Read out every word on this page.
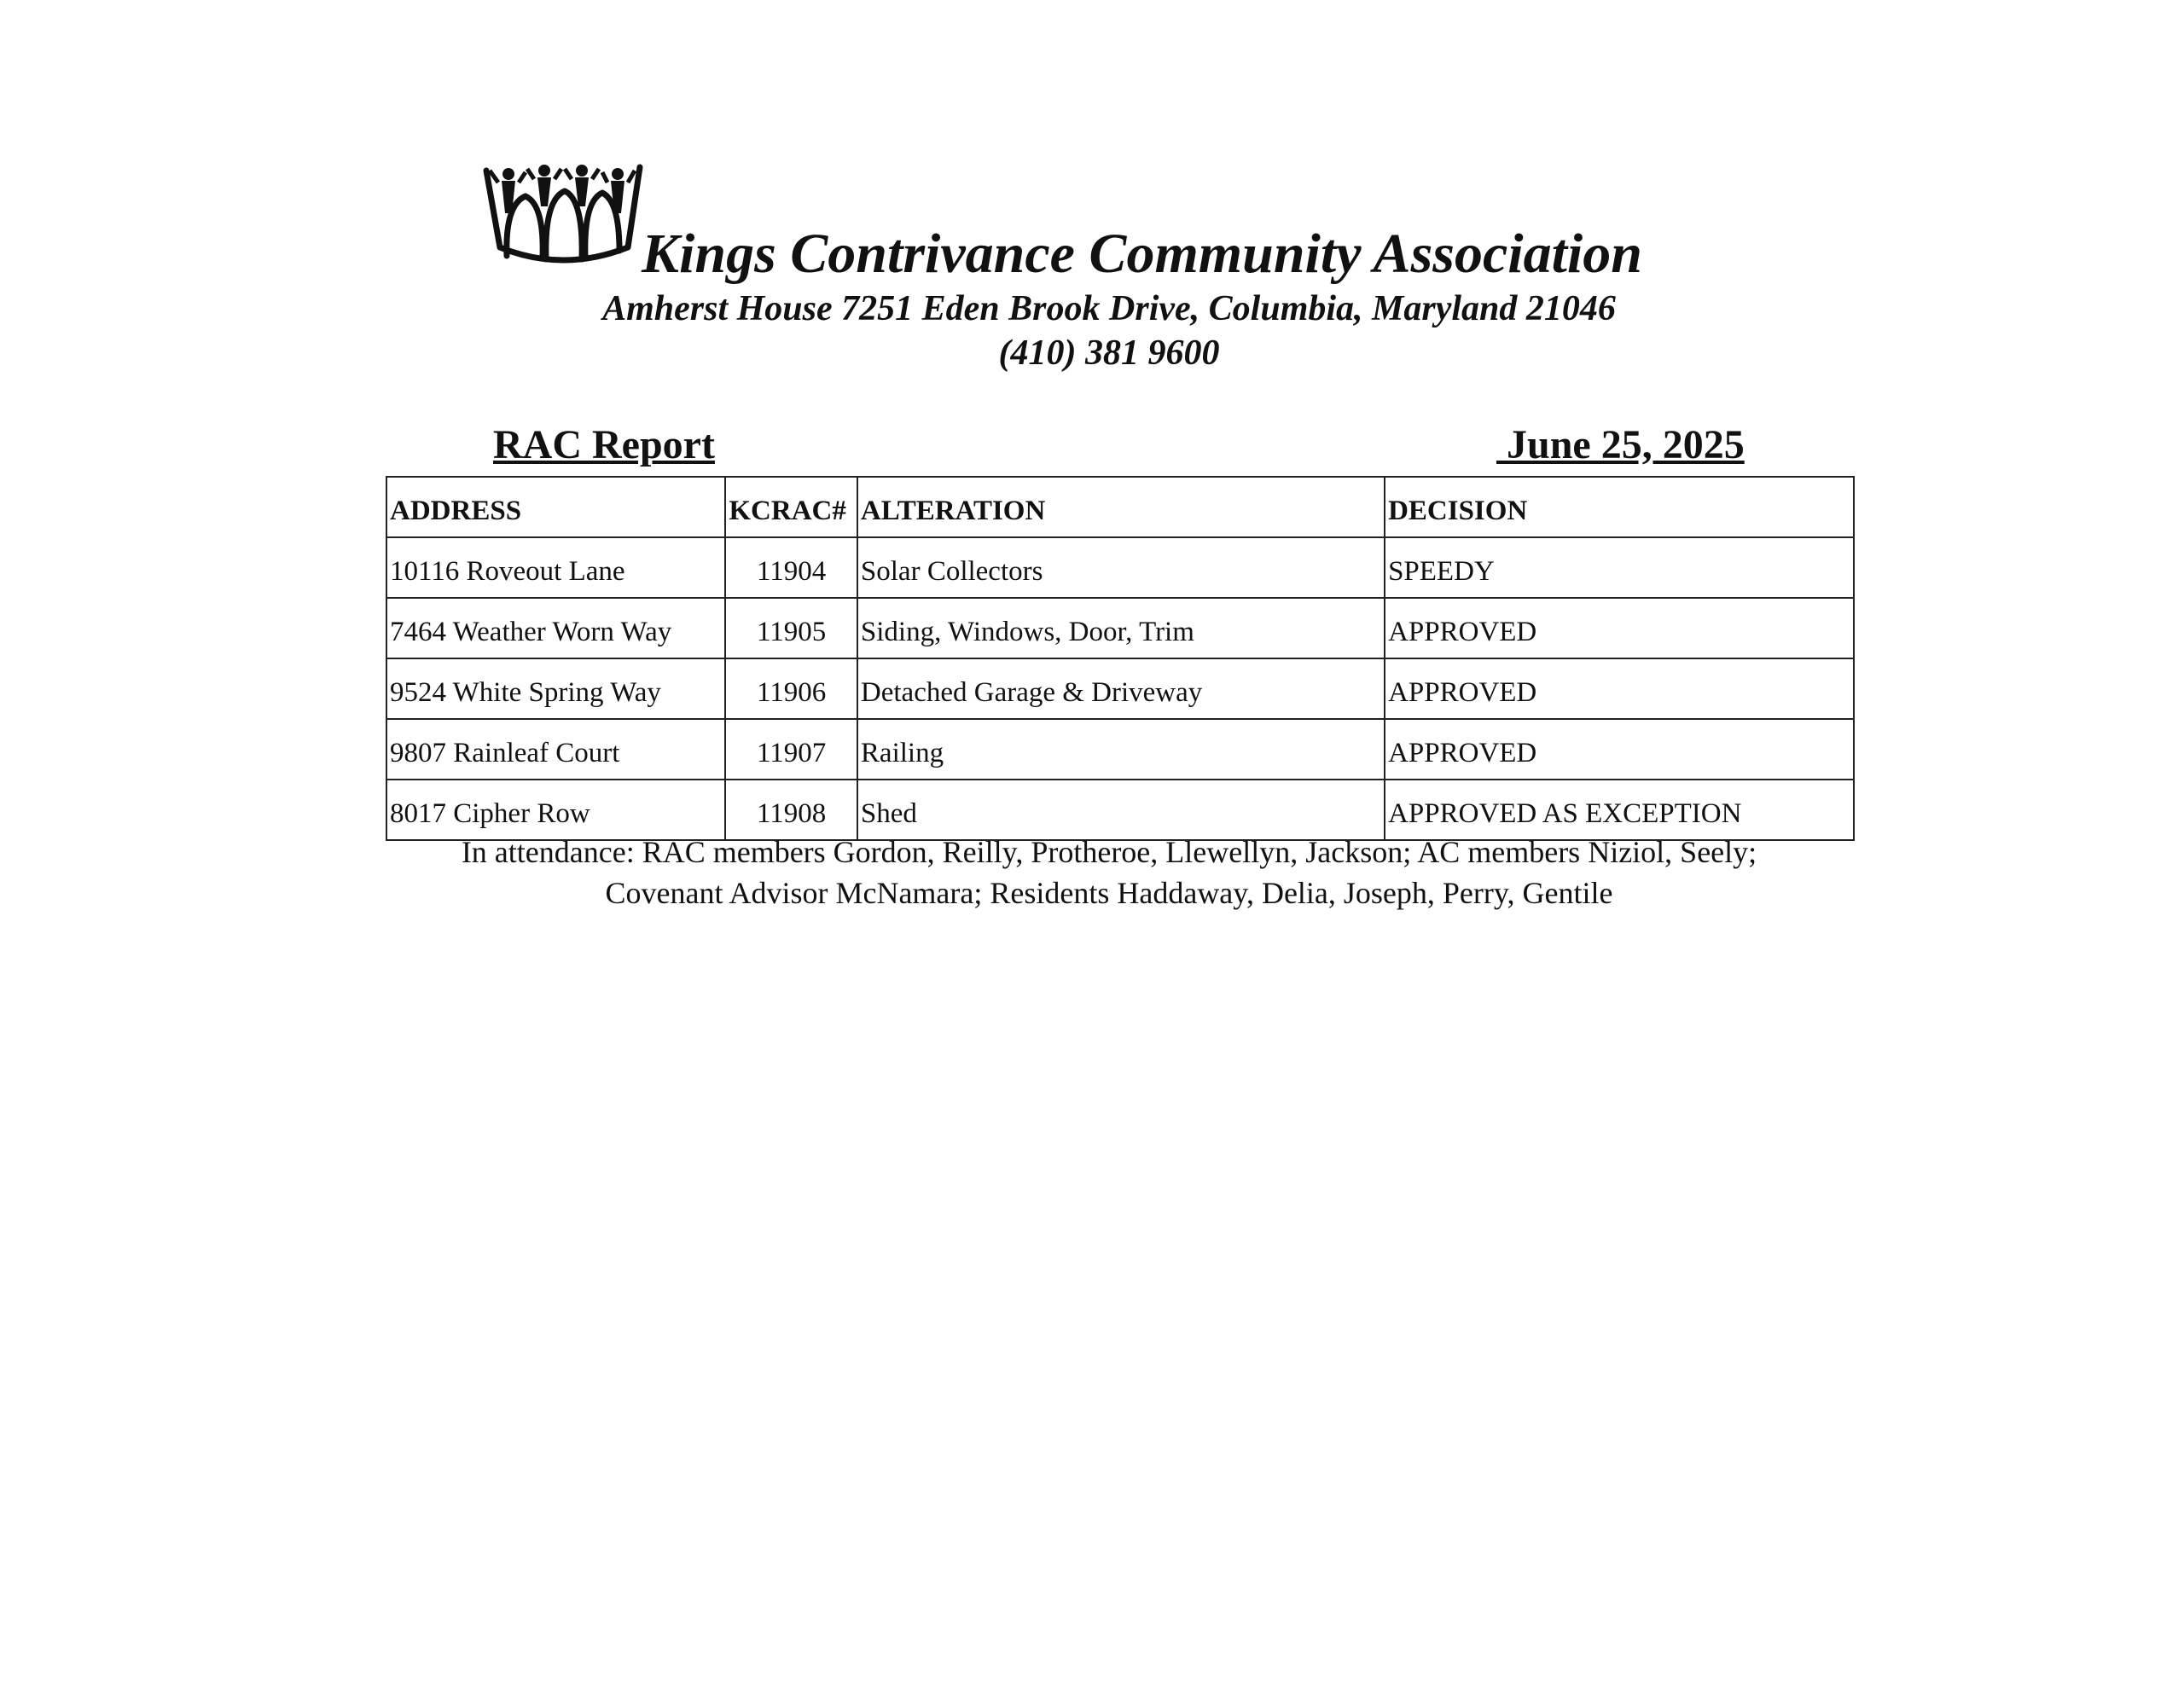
Kings Contrivance Community Association
Amherst House 7251 Eden Brook Drive, Columbia, Maryland 21046
(410) 381 9600
RAC Report	June 25, 2025
ADDRESS	KCRAC#	ALTERATION	DECISION
10116 Roveout Lane	11904	Solar Collectors	SPEEDY
7464 Weather Worn Way	11905	Siding, Windows, Door, Trim	APPROVED
9524 White Spring Way	11906	Detached Garage & Driveway	APPROVED
9807 Rainleaf Court	11907	Railing	APPROVED
8017 Cipher Row	11908	Shed	APPROVED AS EXCEPTION
In attendance: RAC members Gordon, Reilly, Protheroe, Llewellyn, Jackson; AC members Niziol, Seely;
Covenant Advisor McNamara; Residents Haddaway, Delia, Joseph, Perry, Gentile
